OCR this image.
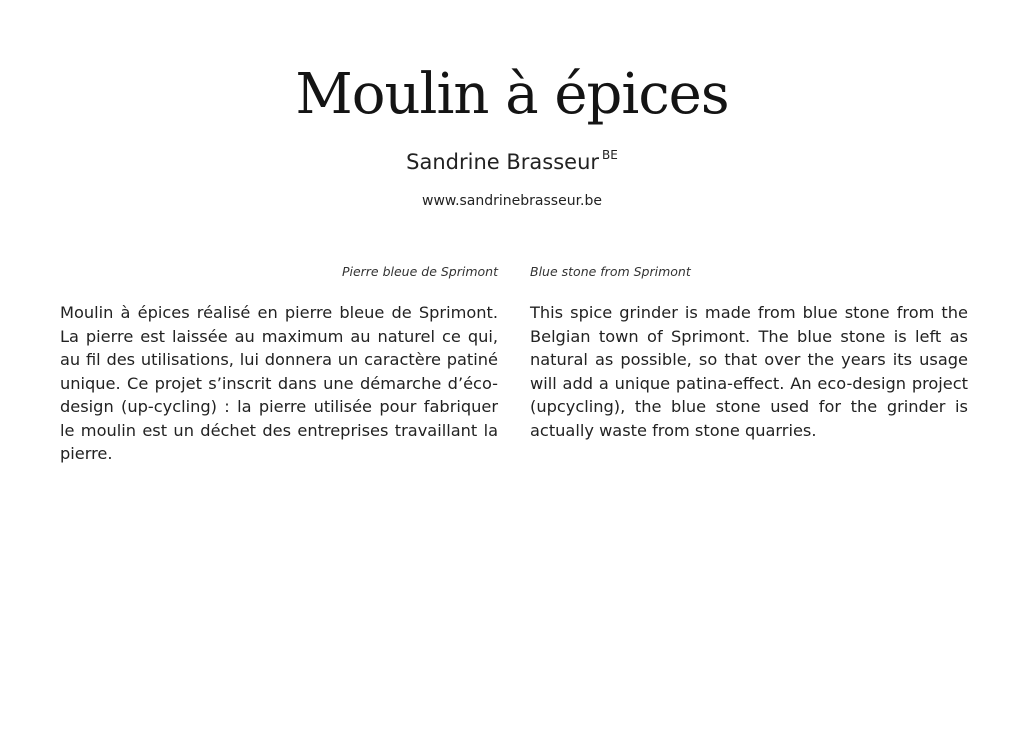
Moulin à épices
Sandrine Brasseur $^{BE}$
www.sandrinebrasseur.be
Pierre bleue de Sprimont	Blue stone from Sprimont

Moulin à épices réalisé en pierre bleue de Sprimont. La pierre est laissée au maximum au naturel ce qui, au fil des utilisations, lui donnera un caractère patiné unique. Ce projet s’inscrit dans une démarche d’éco-design (up-cycling) : la pierre utilisée pour fabriquer le moulin est un déchet des entreprises travaillant la pierre.

This spice grinder is made from blue stone from the Belgian town of Sprimont. The blue stone is left as natural as possible, so that over the years its usage will add a unique patina-effect. An eco-design project (upcycling), the blue stone used for the grinder is actually waste from stone quarries.
